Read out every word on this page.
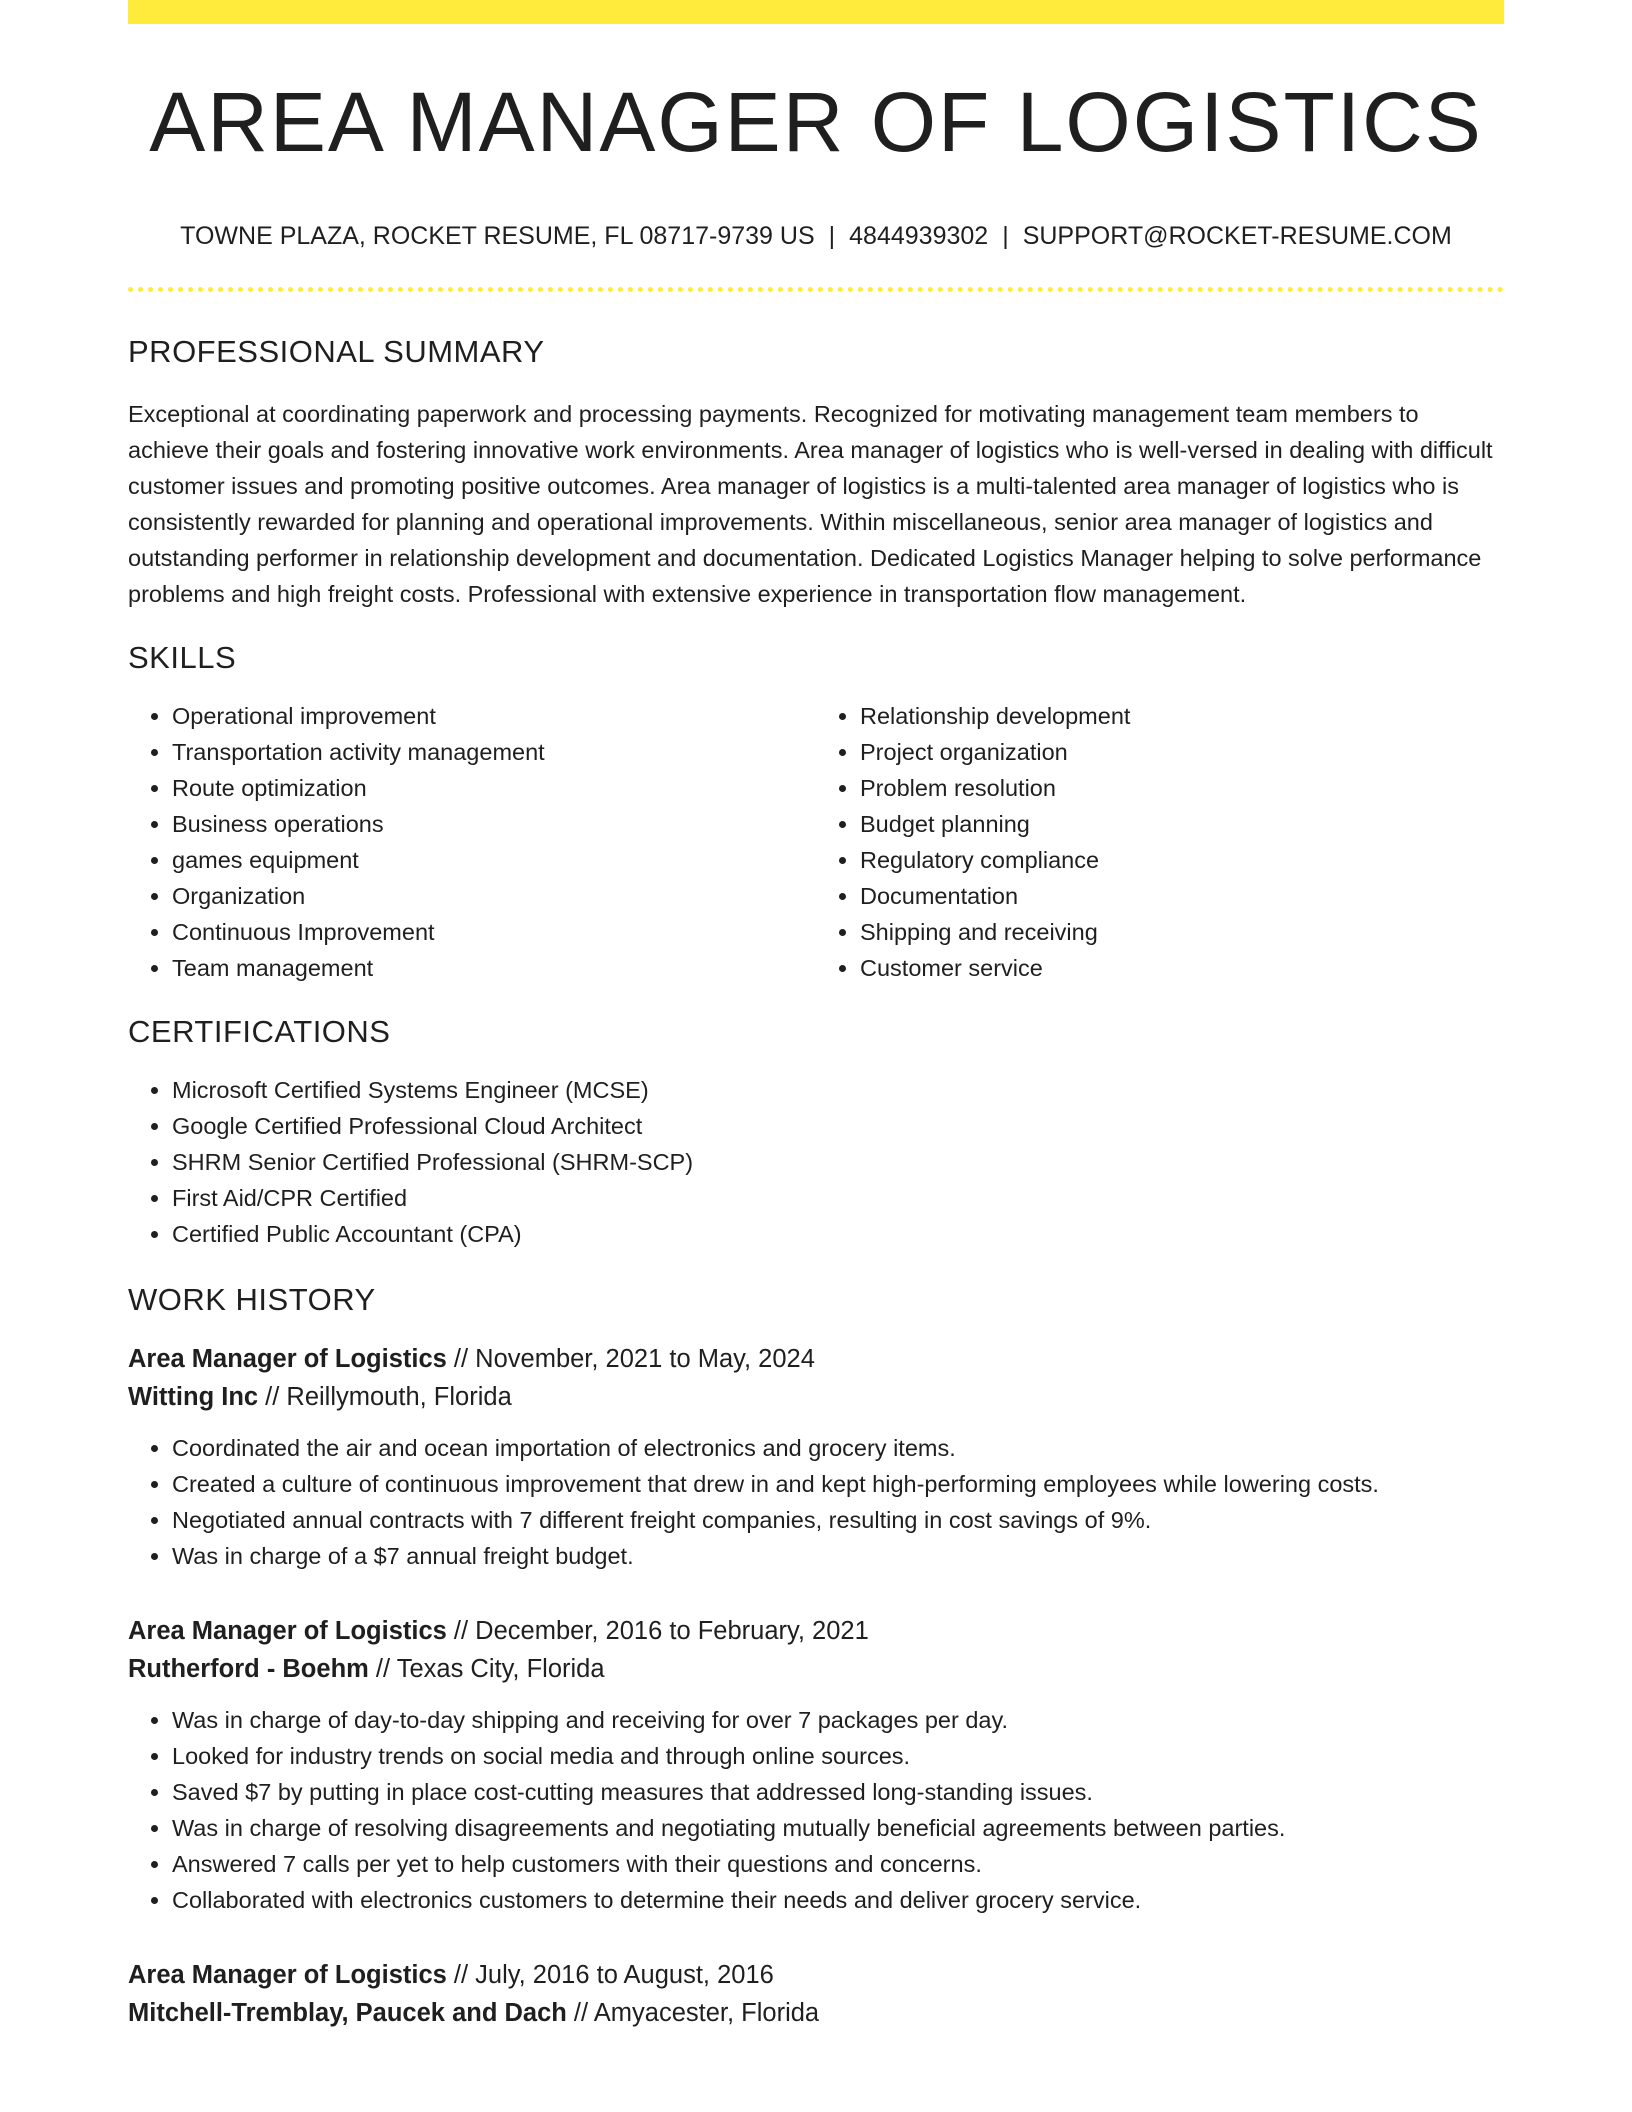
AREA MANAGER OF LOGISTICS
TOWNE PLAZA, ROCKET RESUME, FL 08717-9739 US | 4844939302 | SUPPORT@ROCKET-RESUME.COM
PROFESSIONAL SUMMARY

Exceptional at coordinating paperwork and processing payments. Recognized for motivating management team members to achieve their goals and fostering innovative work environments. Area manager of logistics who is well-versed in dealing with difficult customer issues and promoting positive outcomes. Area manager of logistics is a multi-talented area manager of logistics who is consistently rewarded for planning and operational improvements. Within miscellaneous, senior area manager of logistics and outstanding performer in relationship development and documentation. Dedicated Logistics Manager helping to solve performance problems and high freight costs. Professional with extensive experience in transportation flow management.

SKILLS
• Operational improvement
• Transportation activity management
• Route optimization
• Business operations
• games equipment
• Organization
• Continuous Improvement
• Team management
• Relationship development
• Project organization
• Problem resolution
• Budget planning
• Regulatory compliance
• Documentation
• Shipping and receiving
• Customer service
CERTIFICATIONS
• Microsoft Certified Systems Engineer (MCSE)
• Google Certified Professional Cloud Architect
• SHRM Senior Certified Professional (SHRM-SCP)
• First Aid/CPR Certified
• Certified Public Accountant (CPA)
WORK HISTORY
Area Manager of Logistics // November, 2021 to May, 2024
Witting Inc // Reillymouth, Florida
• Coordinated the air and ocean importation of electronics and grocery items.
• Created a culture of continuous improvement that drew in and kept high-performing employees while lowering costs.
• Negotiated annual contracts with 7 different freight companies, resulting in cost savings of 9%.
• Was in charge of a $7 annual freight budget.
Area Manager of Logistics // December, 2016 to February, 2021
Rutherford - Boehm // Texas City, Florida
• Was in charge of day-to-day shipping and receiving for over 7 packages per day.
• Looked for industry trends on social media and through online sources.
• Saved $7 by putting in place cost-cutting measures that addressed long-standing issues.
• Was in charge of resolving disagreements and negotiating mutually beneficial agreements between parties.
• Answered 7 calls per yet to help customers with their questions and concerns.
• Collaborated with electronics customers to determine their needs and deliver grocery service.
Area Manager of Logistics // July, 2016 to August, 2016
Mitchell-Tremblay, Paucek and Dach // Amyacester, Florida
